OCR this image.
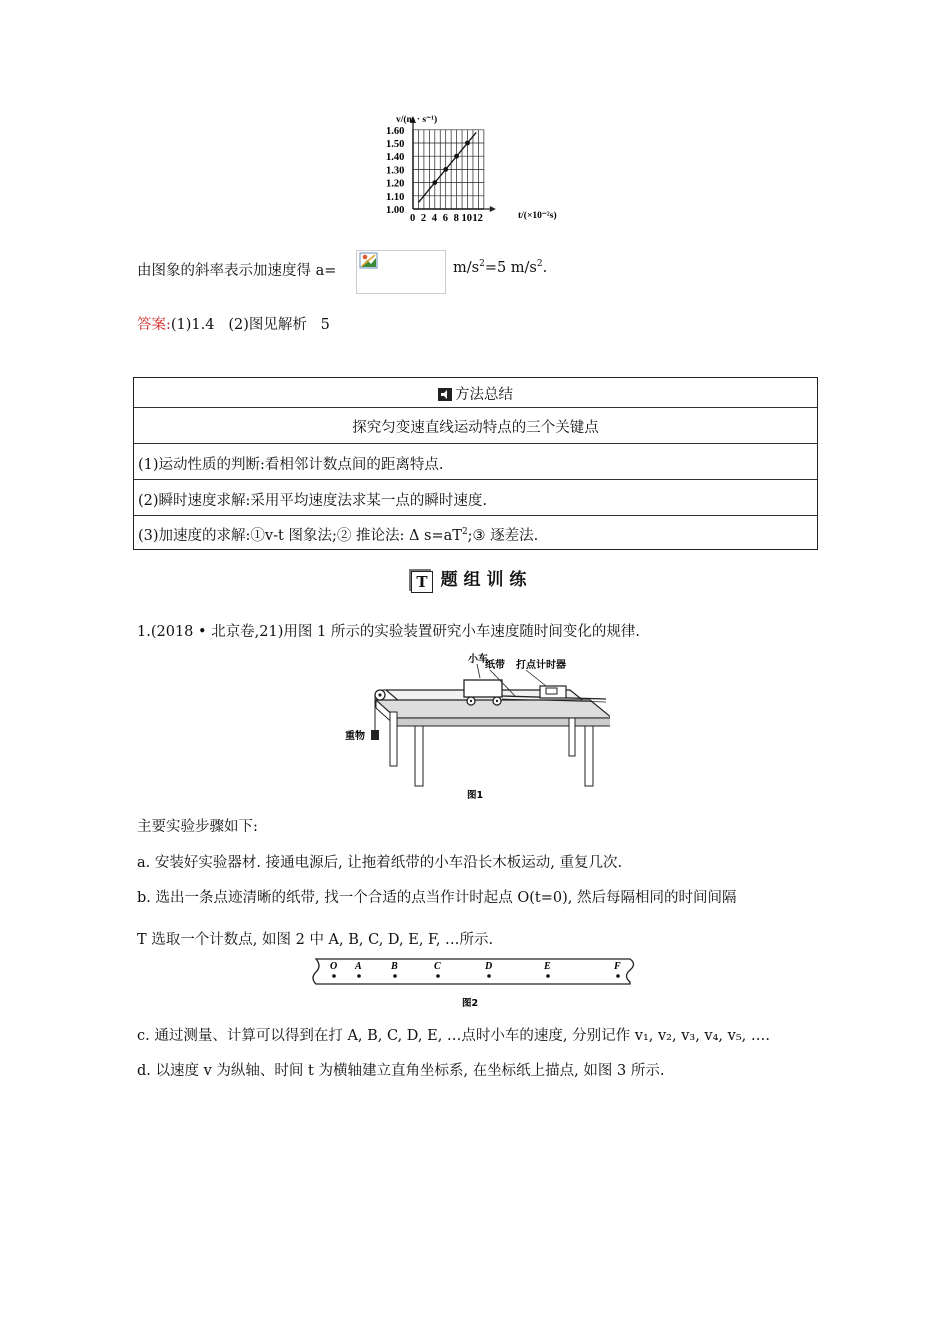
1.60
1.50
1.40
1.30
1.20
1.10
1.00
0 2 4 6 8 10 12
v/(m · s⁻¹)
t/(×10⁻²s)
由图象的斜率表示加速度得 a=	$m/s^2=5$ $m/s^2$.
答案:(1)1.4   (2)图见解析   5
方法总结
探究匀变速直线运动特点的三个关键点
(1)运动性质的判断:看相邻计数点间的距离特点.
(2)瞬时速度求解:采用平均速度法求某一点的瞬时速度.
(3)加速度的求解:①v-t 图象法;② 推论法: Δ $s=aT^2;③$ 逐差法.
T 题 组 训 练
1.(2018 • 北京卷,21)用图 1 所示的实验装置研究小车速度随时间变化的规律.
重物
小车
纸带 打点计时器
图1
主要实验步骤如下:
a. 安装好实验器材. 接通电源后, 让拖着纸带的小车沿长木板运动, 重复几次.
b. 选出一条点迹清晰的纸带, 找一个合适的点当作计时起点 O(t=0), 然后每隔相同的时间间隔
T 选取一个计数点, 如图 2 中 A, B, C, D, E, F, …所示.
O A	B	C	D	E	F
图2
c. 通过测量、计算可以得到在打 A, B, C, D, E, …点时小车的速度, 分别记作 v₁, v₂, v₃, v₄, v₅, ….
d. 以速度 v 为纵轴、时间 t 为横轴建立直角坐标系, 在坐标纸上描点, 如图 3 所示.
